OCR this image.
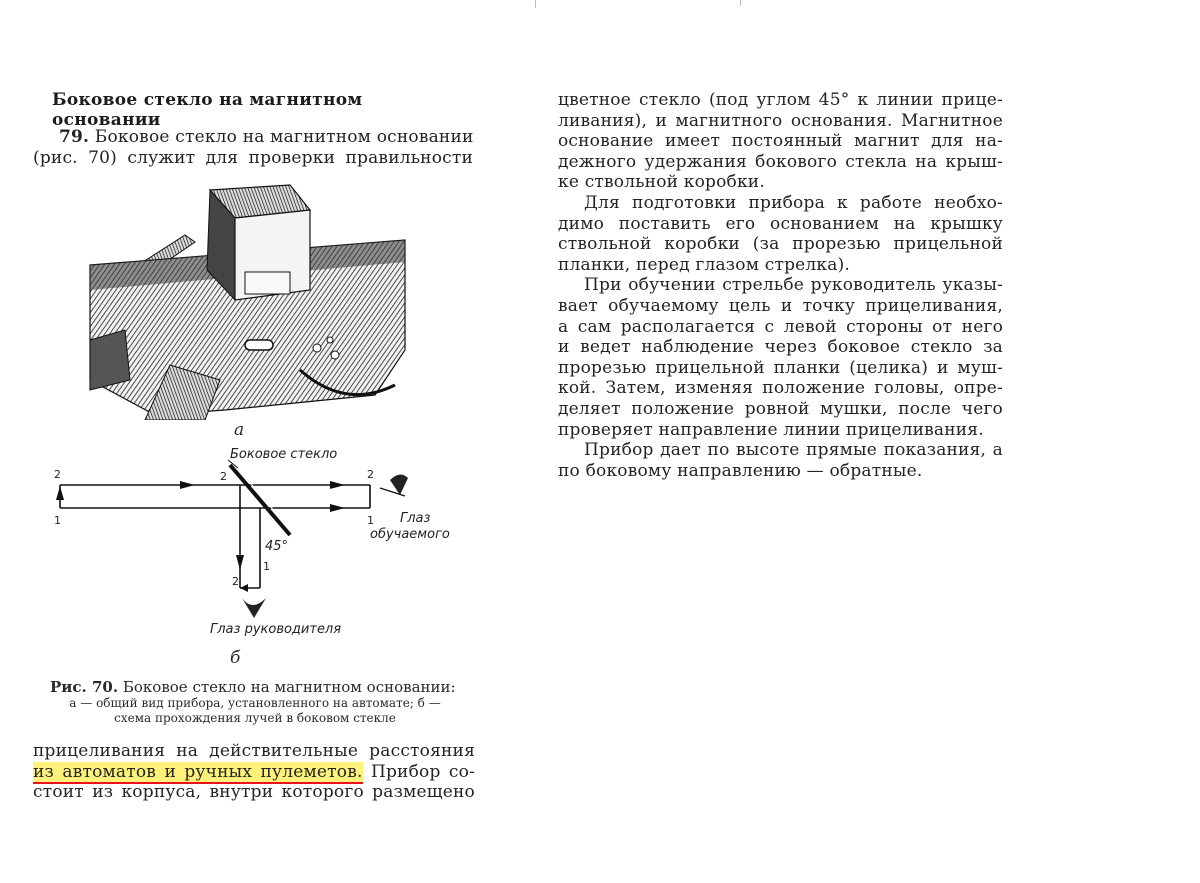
Боковое стекло на магнитном основании
79. Боковое стекло на магнитном основании
(рис. 70) служит для проверки правильности
а
Боковое стекло
Глаз
обучаемого
45°
Глаз руководителя
2
1
2	2
1
2
1
б
Рис. 70. Боковое стекло на магнитном основании:
а — общий вид прибора, установленного на автомате; б —
схема прохождения лучей в боковом стекле
прицеливания на действительные расстояния
из автоматов и ручных пулеметов. Прибор со-
стоит из корпуса, внутри которого размещено

цветное стекло (под углом 45° к линии прице-
ливания), и магнитного основания. Магнитное
основание имеет постоянный магнит для на-
дежного удержания бокового стекла на крыш-
ке ствольной коробки.

Для подготовки прибора к работе необхо-
димо поставить его основанием на крышку
ствольной коробки (за прорезью прицельной
планки, перед глазом стрелка).

При обучении стрельбе руководитель указы-
вает обучаемому цель и точку прицеливания,
а сам располагается с левой стороны от него
и ведет наблюдение через боковое стекло за
прорезью прицельной планки (целика) и муш-
кой. Затем, изменяя положение головы, опре-
деляет положение ровной мушки, после чего
проверяет направление линии прицеливания.

Прибор дает по высоте прямые показания, а
по боковому направлению — обратные.
